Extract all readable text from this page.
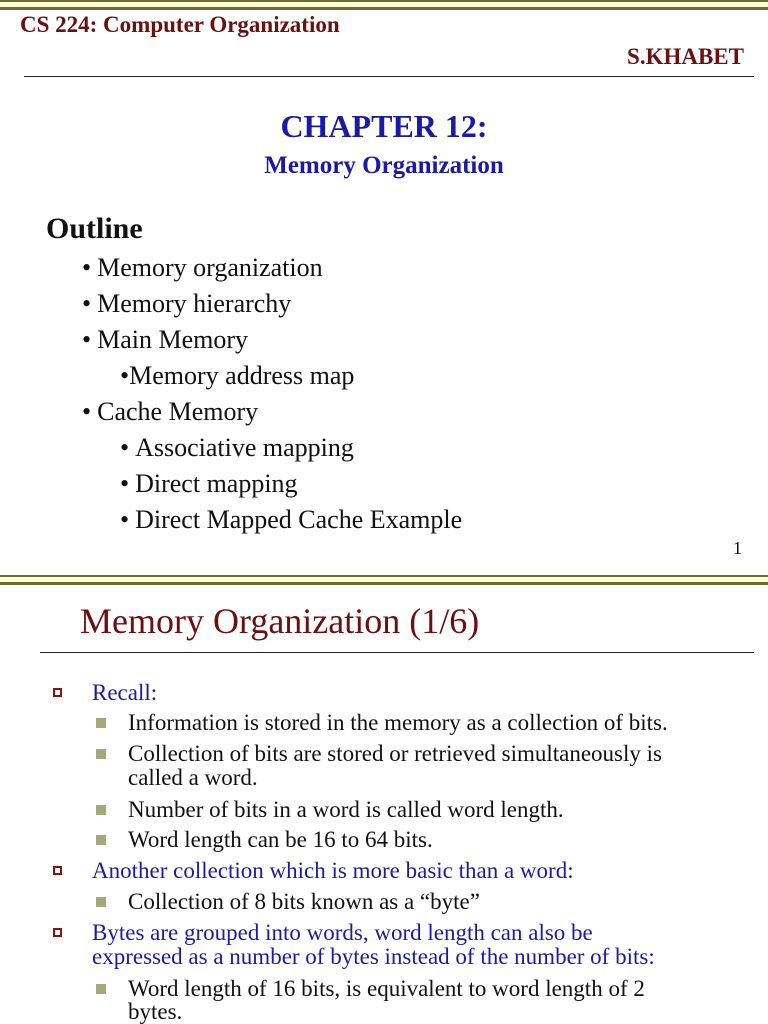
CS 224: Computer Organization
S.KHABET
CHAPTER 12:
Memory Organization
Outline
• Memory organization
• Memory hierarchy
• Main Memory
•Memory address map
• Cache Memory
• Associative mapping
• Direct mapping
• Direct Mapped Cache Example
1
Memory Organization (1/6)
Recall:
Information is stored in the memory as a collection of bits.
Collection of bits are stored or retrieved simultaneously is
called a word.
Number of bits in a word is called word length.
Word length can be 16 to 64 bits.
Another collection which is more basic than a word:
Collection of 8 bits known as a “byte”
Bytes are grouped into words, word length can also be
expressed as a number of bytes instead of the number of bits:
Word length of 16 bits, is equivalent to word length of 2
bytes.
